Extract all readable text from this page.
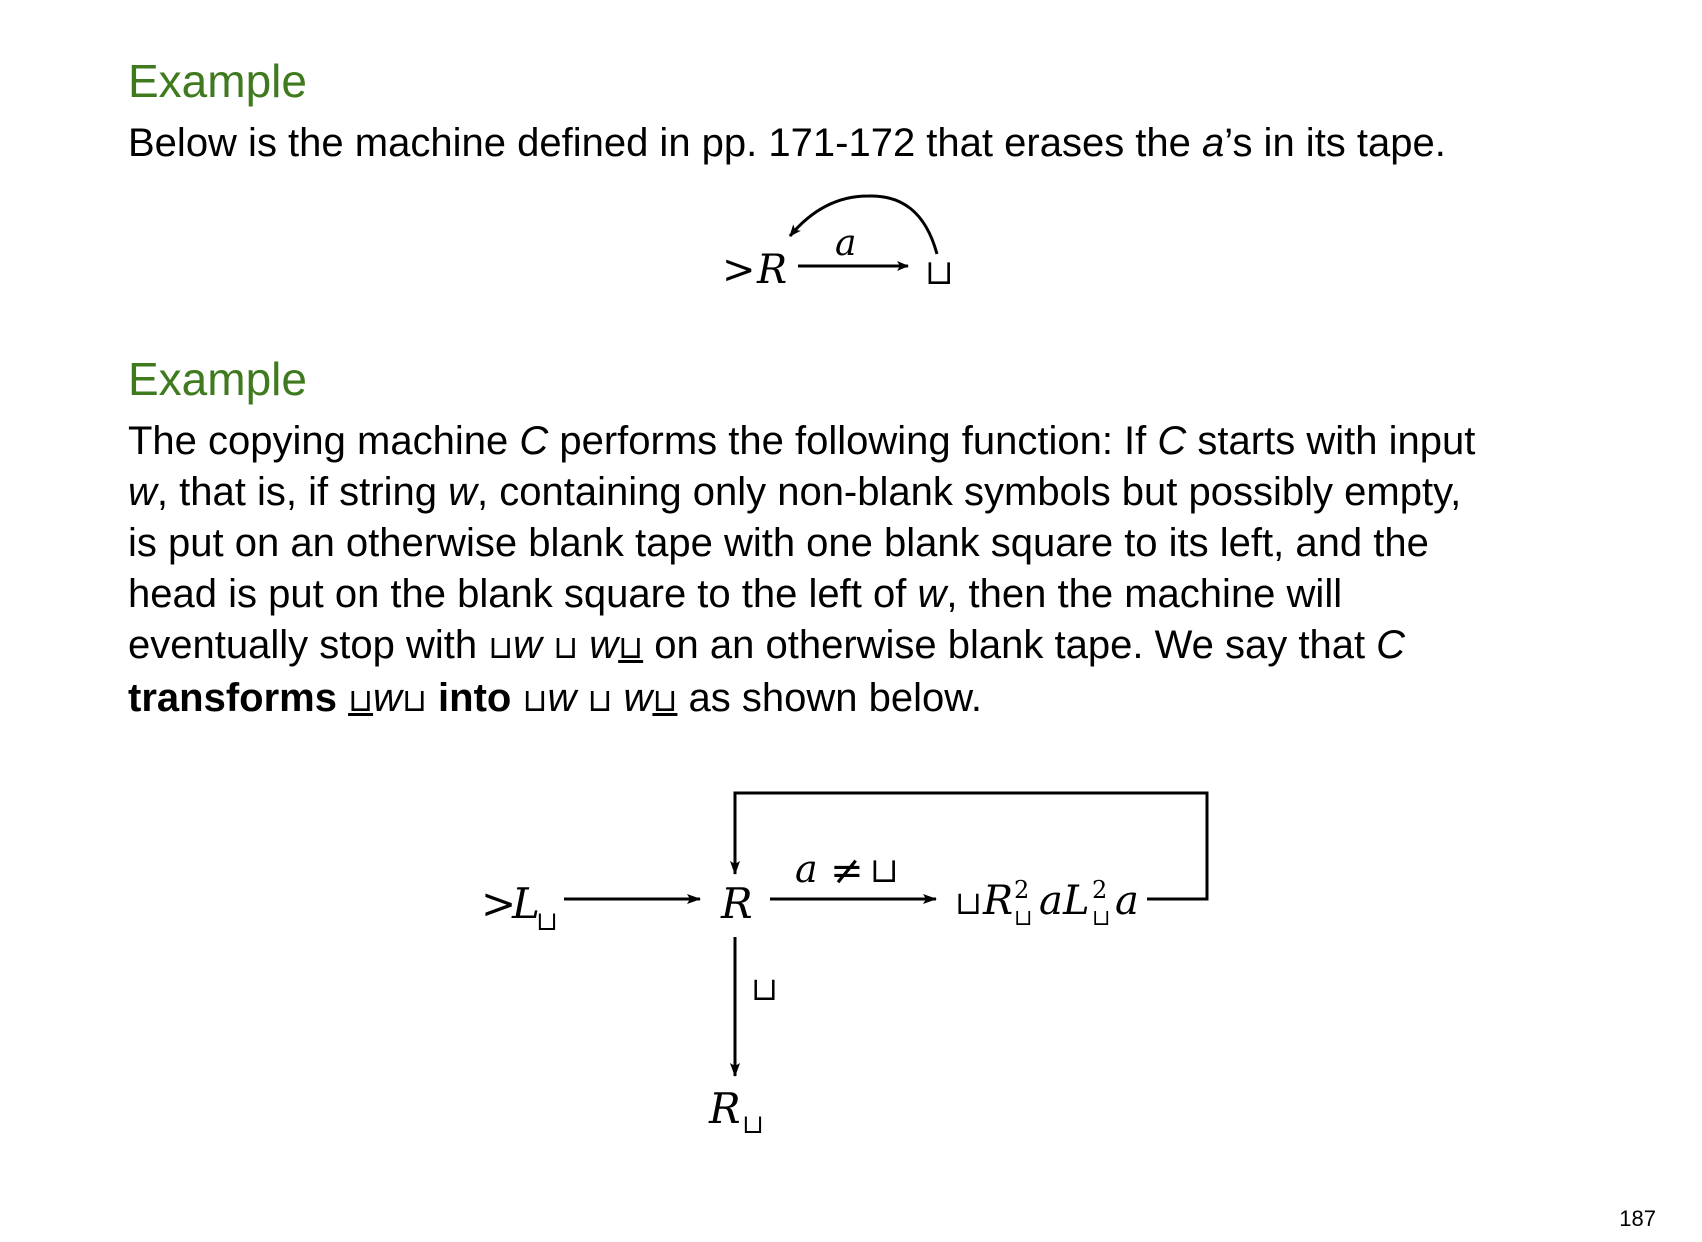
Example

Below is the machine defined in pp. 171-172 that erases the a’s in its tape.

> R
a
⊔
Example
The copying machine C performs the following function: If C starts with input
w, that is, if string w, containing only non-blank symbols but possibly empty,
is put on an otherwise blank tape with one blank square to its left, and the
head is put on the blank square to the left of w, then the machine will
eventually stop with ⊔w ⊔ w⊔ on an otherwise blank tape. We say that C
transforms ⊔w⊔ into ⊔w ⊔ w⊔ as shown below.
>
L
⊔	R
a ≠ ⊔
⊔ R 2
⊔ a L 2
⊔ a
⊔
R ⊔
187
